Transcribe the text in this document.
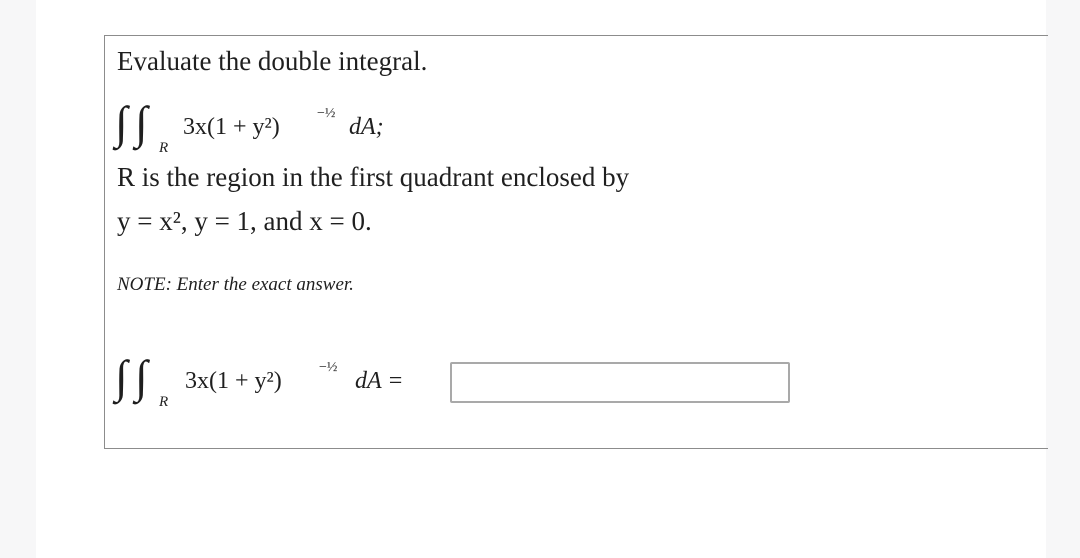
Evaluate the double integral.
∫ ∫ R
3x(1 + y²)
−½
dA;
R is the region in the first quadrant enclosed by
y = x², y = 1, and x = 0.
NOTE: Enter the exact answer.
∫ ∫ R
3x(1 + y²)
−½
dA =
